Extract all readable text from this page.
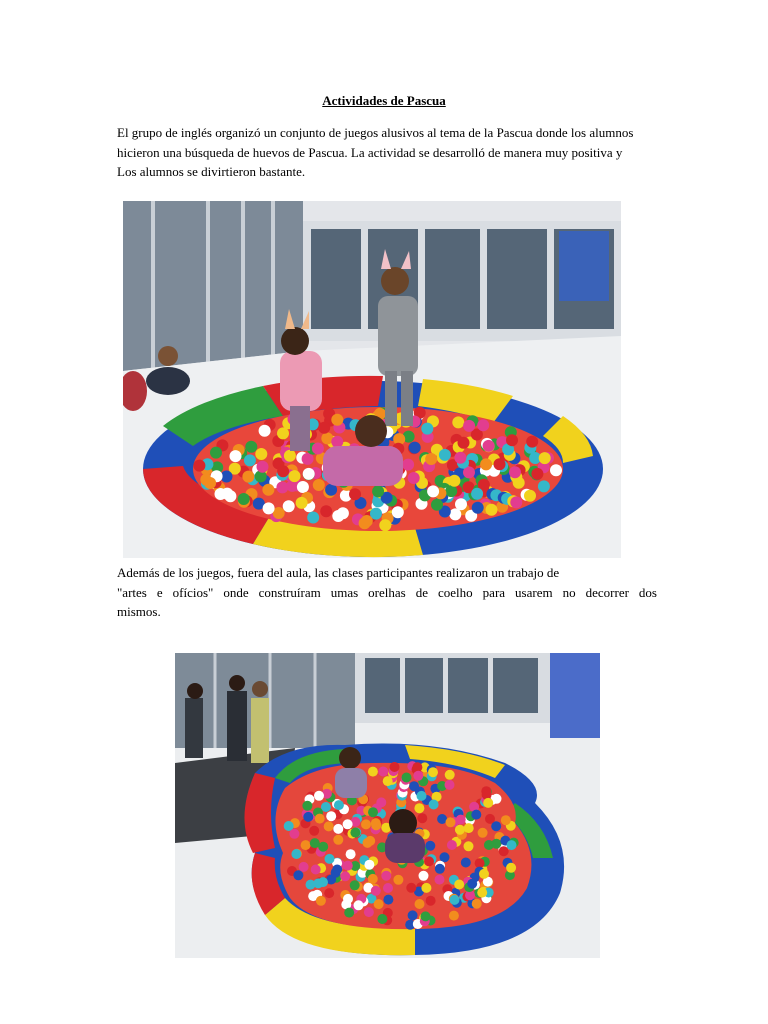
Actividades de Pascua

El grupo de inglés organizó un conjunto de juegos alusivos al tema de la Pascua donde los alumnos
hicieron una búsqueda de huevos de Pascua. La actividad se desarrolló de manera muy positiva y
Los alumnos se divirtieron bastante.

Además de los juegos, fuera del aula, las clases participantes realizaron un trabajo de
"artes e ofícios" onde construíram umas orelhas de coelho para usarem no decorrer dos
mismos.
